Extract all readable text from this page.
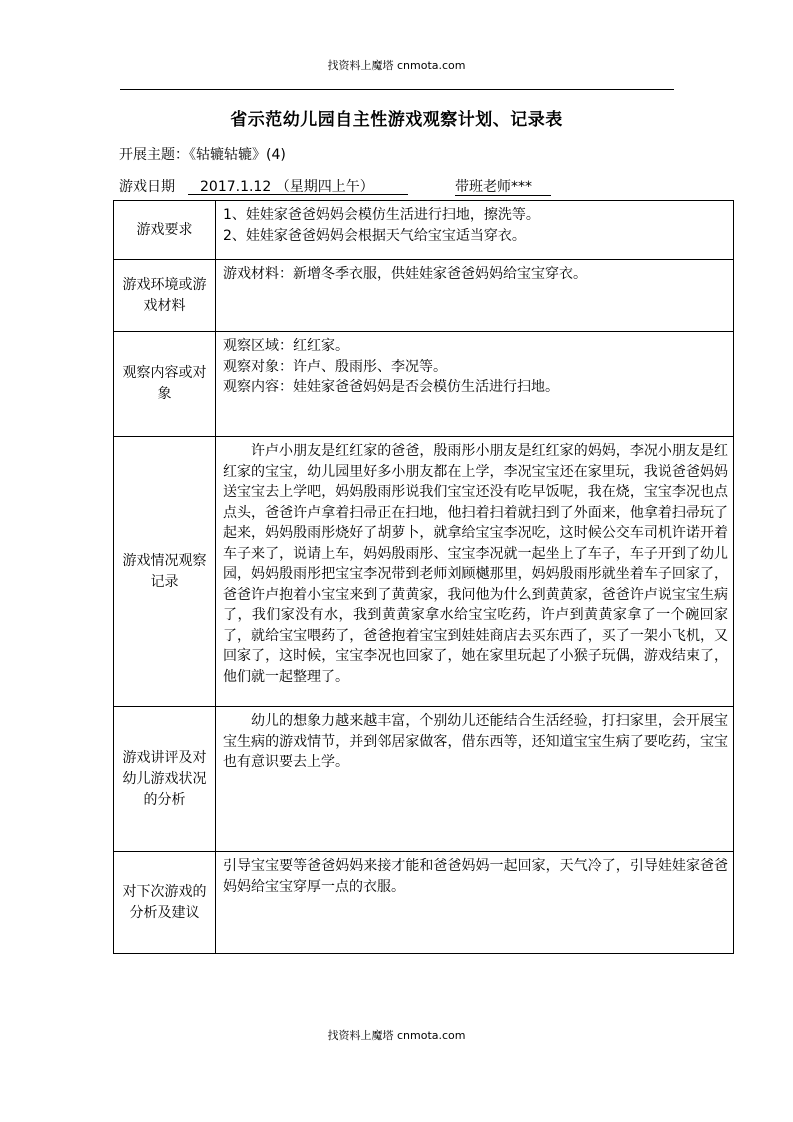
找资料上魔塔 cnmota.com
省示范幼儿园自主性游戏观察计划、记录表
开展主题：《轱辘轱辘》(4)
游戏日期	2017.1.12 （星期四上午）	带班老师***
游戏要求	1、娃娃家爸爸妈妈会模仿生活进行扫地，擦洗等。

2、娃娃家爸爸妈妈会根据天气给宝宝适当穿衣。

游戏环境或游戏材料	游戏材料：新增冬季衣服，供娃娃家爸爸妈妈给宝宝穿衣。

观察内容或对象	观察区域：红红家。

观察对象：许卢、殷雨彤、李况等。

观察内容：娃娃家爸爸妈妈是否会模仿生活进行扫地。

游戏情况观察记录	许卢小朋友是红红家的爸爸，殷雨彤小朋友是红红家的妈妈，李况小朋友是红红家的宝宝，幼儿园里好多小朋友都在上学，李况宝宝还在家里玩，我说爸爸妈妈送宝宝去上学吧，妈妈殷雨彤说我们宝宝还没有吃早饭呢，我在烧，宝宝李况也点点头，爸爸许卢拿着扫帚正在扫地，他扫着扫着就扫到了外面来，他拿着扫帚玩了起来，妈妈殷雨彤烧好了胡萝卜，就拿给宝宝李况吃，这时候公交车司机许诺开着车子来了，说请上车，妈妈殷雨彤、宝宝李况就一起坐上了车子，车子开到了幼儿园，妈妈殷雨彤把宝宝李况带到老师刘顾樾那里，妈妈殷雨彤就坐着车子回家了，爸爸许卢抱着小宝宝来到了黄黄家，我问他为什么到黄黄家，爸爸许卢说宝宝生病了，我们家没有水，我到黄黄家拿水给宝宝吃药，许卢到黄黄家拿了一个碗回家了，就给宝宝喂药了，爸爸抱着宝宝到娃娃商店去买东西了，买了一架小飞机，又回家了，这时候，宝宝李况也回家了，她在家里玩起了小猴子玩偶，游戏结束了，他们就一起整理了。

游戏讲评及对幼儿游戏状况的分析	幼儿的想象力越来越丰富，个别幼儿还能结合生活经验，打扫家里，会开展宝宝生病的游戏情节，并到邻居家做客，借东西等，还知道宝宝生病了要吃药，宝宝也有意识要去上学。

对下次游戏的分析及建议	引导宝宝要等爸爸妈妈来接才能和爸爸妈妈一起回家，天气冷了，引导娃娃家爸爸妈妈给宝宝穿厚一点的衣服。

找资料上魔塔 cnmota.com
